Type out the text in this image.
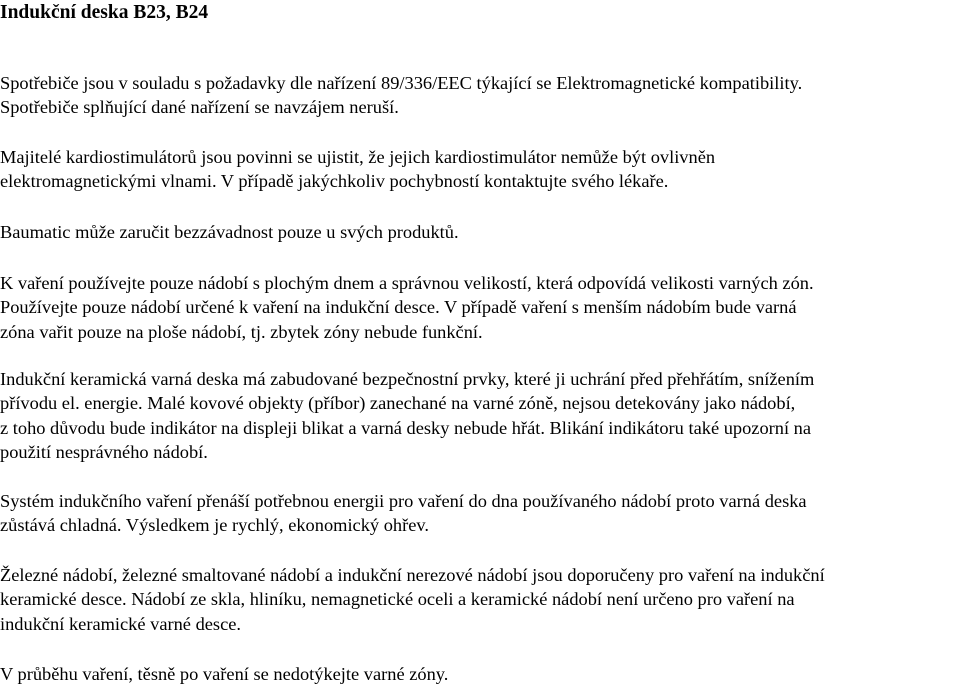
Indukční deska B23, B24

Spotřebiče jsou v souladu s požadavky dle nařízení 89/336/EEC týkající se Elektromagnetické kompatibility.
Spotřebiče splňující dané nařízení se navzájem neruší.

Majitelé kardiostimulátorů jsou povinni se ujistit, že jejich kardiostimulátor nemůže být ovlivněn
elektromagnetickými vlnami. V případě jakýchkoliv pochybností kontaktujte svého lékaře.

Baumatic může zaručit bezzávadnost pouze u svých produktů.

K vaření používejte pouze nádobí s plochým dnem a správnou velikostí, která odpovídá velikosti varných zón.
Používejte pouze nádobí určené k vaření na indukční desce. V případě vaření s menším nádobím bude varná
zóna vařit pouze na ploše nádobí, tj. zbytek zóny nebude funkční.

Indukční keramická varná deska má zabudované bezpečnostní prvky, které ji uchrání před přehřátím, snížením
přívodu el. energie. Malé kovové objekty (příbor) zanechané na varné zóně, nejsou detekovány jako nádobí,
z toho důvodu bude indikátor na displeji blikat a varná desky nebude hřát. Blikání indikátoru také upozorní na
použití nesprávného nádobí.

Systém indukčního vaření přenáší potřebnou energii pro vaření do dna používaného nádobí proto varná deska
zůstává chladná. Výsledkem je rychlý, ekonomický ohřev.

Železné nádobí, železné smaltované nádobí a indukční nerezové nádobí jsou doporučeny pro vaření na indukční
keramické desce. Nádobí ze skla, hliníku, nemagnetické oceli a keramické nádobí není určeno pro vaření na
indukční keramické varné desce.

V průběhu vaření, těsně po vaření se nedotýkejte varné zóny.
